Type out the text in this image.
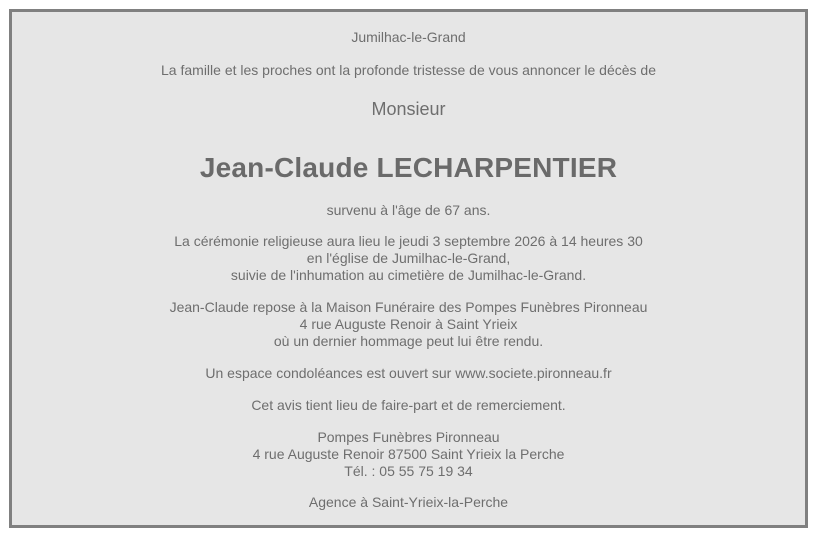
Jumilhac-le-Grand
La famille et les proches ont la profonde tristesse de vous annoncer le décès de
Monsieur
Jean-Claude LECHARPENTIER
survenu à l'âge de 67 ans.
La cérémonie religieuse aura lieu le jeudi 3 septembre 2026 à 14 heures 30
en l'église de Jumilhac-le-Grand,
suivie de l'inhumation au cimetière de Jumilhac-le-Grand.
Jean-Claude repose à la Maison Funéraire des Pompes Funèbres Pironneau
4 rue Auguste Renoir à Saint Yrieix
où un dernier hommage peut lui être rendu.
Un espace condoléances est ouvert sur www.societe.pironneau.fr
Cet avis tient lieu de faire-part et de remerciement.
Pompes Funèbres Pironneau
4 rue Auguste Renoir 87500 Saint Yrieix la Perche
Tél. : 05 55 75 19 34
Agence à Saint-Yrieix-la-Perche
